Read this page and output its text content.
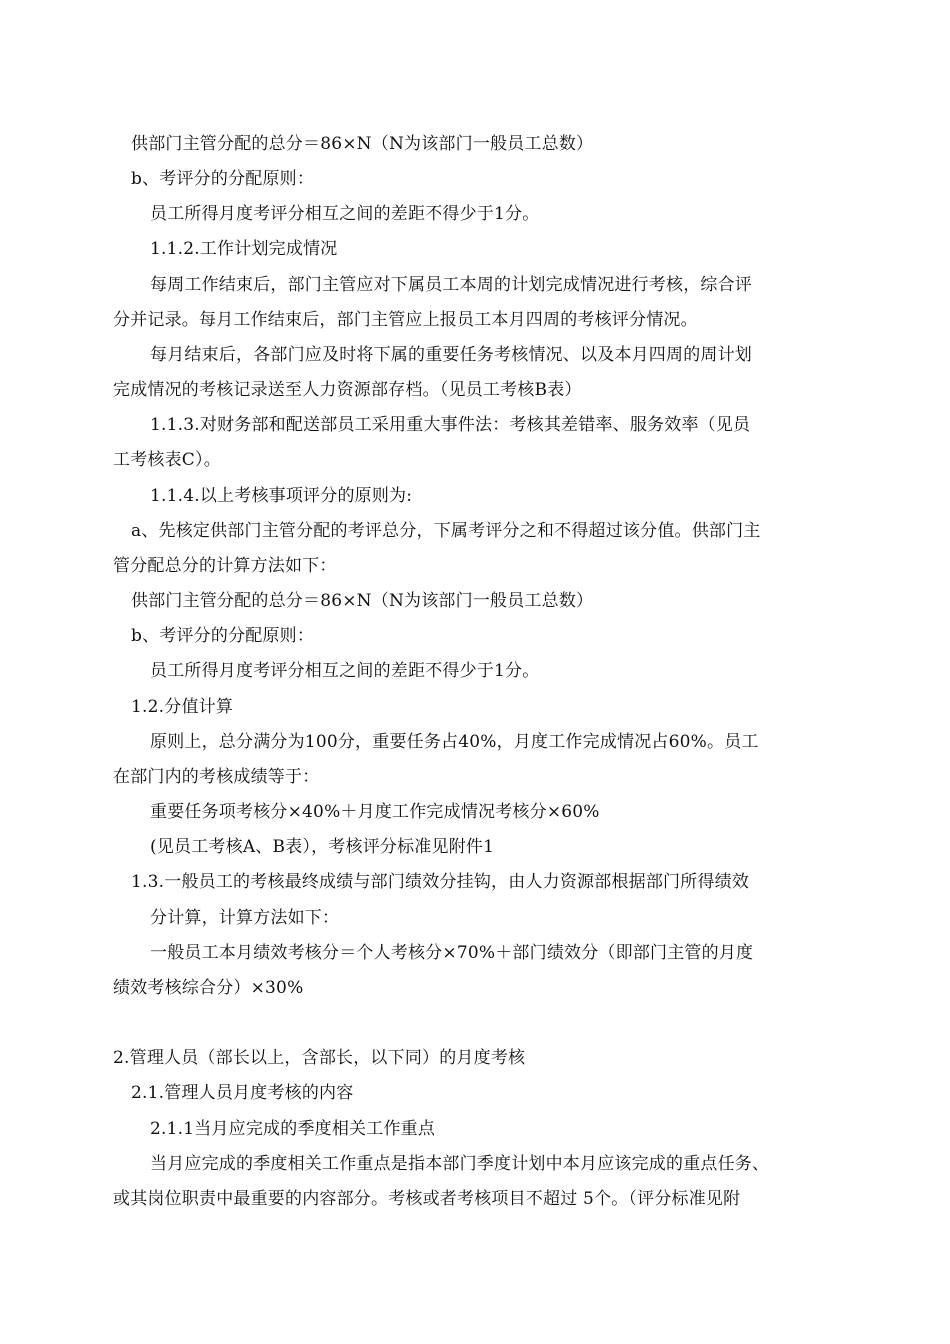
供部门主管分配的总分＝86×N（N为该部门一般员工总数）
b、考评分的分配原则：
员工所得月度考评分相互之间的差距不得少于1分。
1.1.2.工作计划完成情况
每周工作结束后，部门主管应对下属员工本周的计划完成情况进行考核，综合评
分并记录。每月工作结束后，部门主管应上报员工本月四周的考核评分情况。
每月结束后，各部门应及时将下属的重要任务考核情况、以及本月四周的周计划
完成情况的考核记录送至人力资源部存档。（见员工考核B表）
1.1.3.对财务部和配送部员工采用重大事件法：考核其差错率、服务效率（见员
工考核表C）。
1.1.4.以上考核事项评分的原则为:
a、先核定供部门主管分配的考评总分，下属考评分之和不得超过该分值。供部门主
管分配总分的计算方法如下：
供部门主管分配的总分＝86×N（N为该部门一般员工总数）
b、考评分的分配原则：
员工所得月度考评分相互之间的差距不得少于1分。
1.2.分值计算
原则上，总分满分为100分，重要任务占40%，月度工作完成情况占60%。员工
在部门内的考核成绩等于：
重要任务项考核分×40%＋月度工作完成情况考核分×60%
(见员工考核A、B表），考核评分标准见附件1
1.3.一般员工的考核最终成绩与部门绩效分挂钩，由人力资源部根据部门所得绩效
分计算，计算方法如下：
一般员工本月绩效考核分＝个人考核分×70%＋部门绩效分（即部门主管的月度
绩效考核综合分）×30%
2.管理人员（部长以上，含部长，以下同）的月度考核
2.1.管理人员月度考核的内容
2.1.1当月应完成的季度相关工作重点
当月应完成的季度相关工作重点是指本部门季度计划中本月应该完成的重点任务、
或其岗位职责中最重要的内容部分。考核或者考核项目不超过 5个。（评分标准见附
